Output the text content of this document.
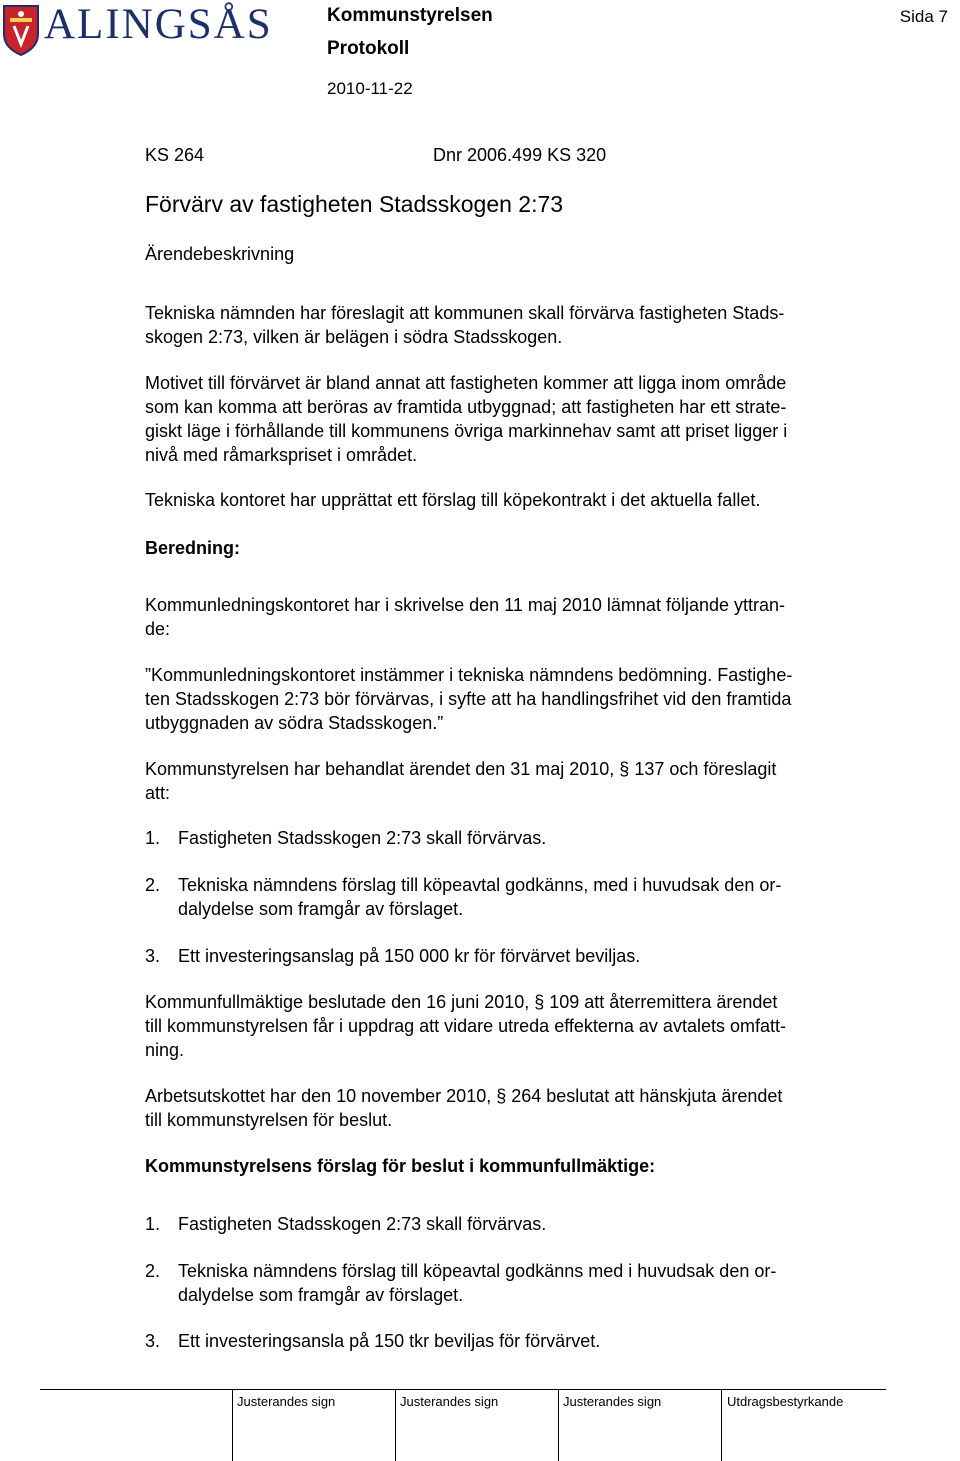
ALINGSÅS	Kommunstyrelsen
Protokoll
2010-11-22
Sida 7
KS 264	Dnr 2006.499 KS 320
Förvärv av fastigheten Stadsskogen 2:73
Ärendebeskrivning
Tekniska nämnden har föreslagit att kommunen skall förvärva fastigheten Stads-
skogen 2:73, vilken är belägen i södra Stadsskogen.
Motivet till förvärvet är bland annat att fastigheten kommer att ligga inom område
som kan komma att beröras av framtida utbyggnad; att fastigheten har ett strate-
giskt läge i förhållande till kommunens övriga markinnehav samt att priset ligger i
nivå med råmarkspriset i området.
Tekniska kontoret har upprättat ett förslag till köpekontrakt i det aktuella fallet.
Beredning:
Kommunledningskontoret har i skrivelse den 11 maj 2010 lämnat följande yttran-
de:
”Kommunledningskontoret instämmer i tekniska nämndens bedömning. Fastighe-
ten Stadsskogen 2:73 bör förvärvas, i syfte att ha handlingsfrihet vid den framtida
utbyggnaden av södra Stadsskogen.”
Kommunstyrelsen har behandlat ärendet den 31 maj 2010, § 137 och föreslagit
att:
1. Fastigheten Stadsskogen 2:73 skall förvärvas.
2. Tekniska nämndens förslag till köpeavtal godkänns, med i huvudsak den or-
dalydelse som framgår av förslaget.
3. Ett investeringsanslag på 150 000 kr för förvärvet beviljas.
Kommunfullmäktige beslutade den 16 juni 2010, § 109 att återremittera ärendet
till kommunstyrelsen får i uppdrag att vidare utreda effekterna av avtalets omfatt-
ning.
Arbetsutskottet har den 10 november 2010, § 264 beslutat att hänskjuta ärendet
till kommunstyrelsen för beslut.
Kommunstyrelsens förslag för beslut i kommunfullmäktige:
1. Fastigheten Stadsskogen 2:73 skall förvärvas.
2. Tekniska nämndens förslag till köpeavtal godkänns med i huvudsak den or-
dalydelse som framgår av förslaget.
3. Ett investeringsansla på 150 tkr beviljas för förvärvet.
Justerandes sign	Justerandes sign	Justerandes sign	Utdragsbestyrkande
